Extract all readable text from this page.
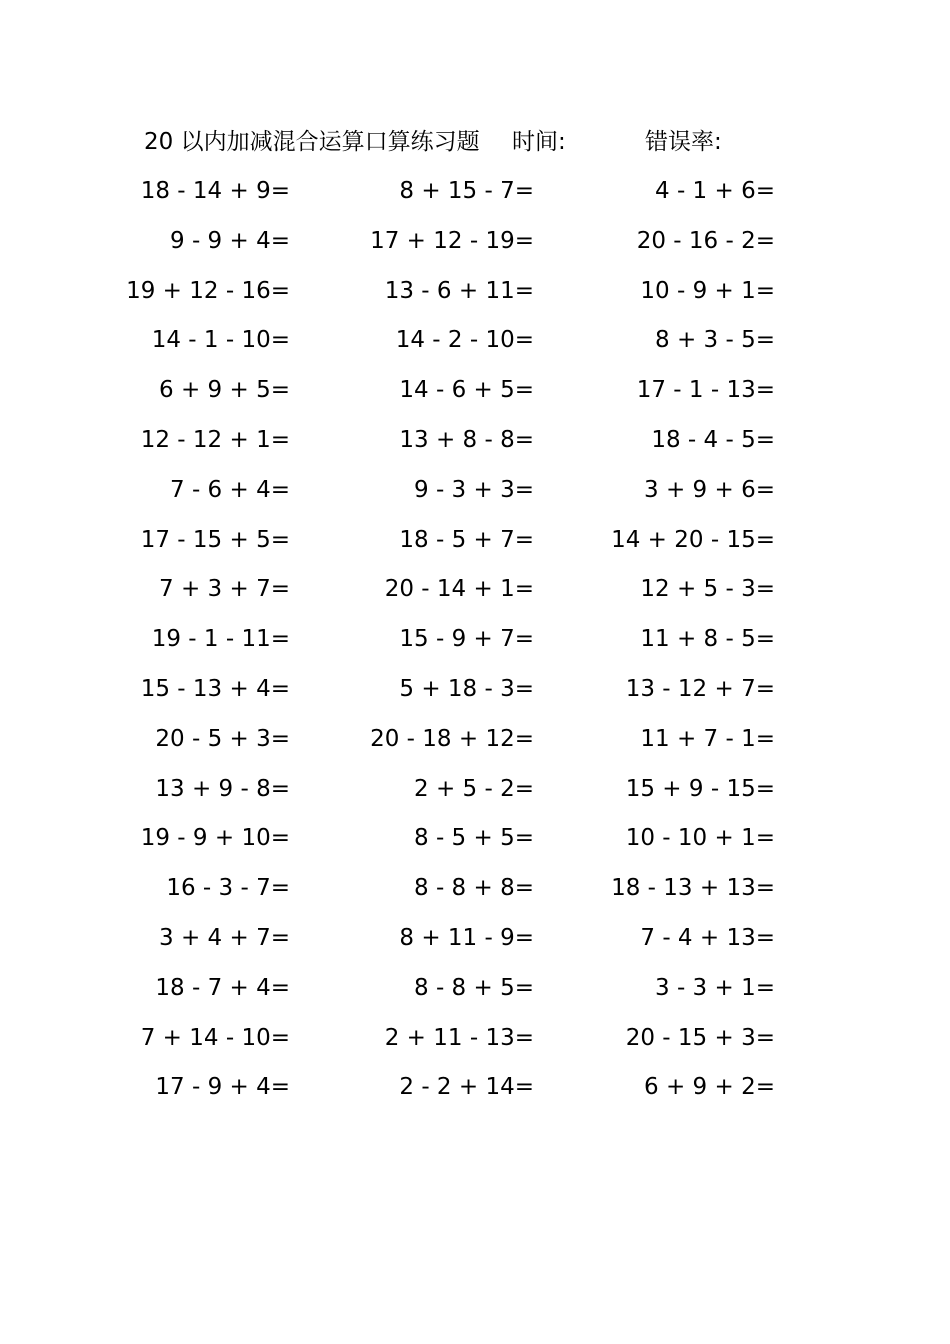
20 以内加减混合运算口算练习题 时间:	错误率:
18 - 14 + 9=	8 + 15 - 7=	4 - 1 + 6=
9 - 9 + 4=	17 + 12 - 19=	20 - 16 - 2=
19 + 12 - 16=	13 - 6 + 11=	10 - 9 + 1=
14 - 1 - 10=	14 - 2 - 10=	8 + 3 - 5=
6 + 9 + 5=	14 - 6 + 5=	17 - 1 - 13=
12 - 12 + 1=	13 + 8 - 8=	18 - 4 - 5=
7 - 6 + 4=	9 - 3 + 3=	3 + 9 + 6=
17 - 15 + 5=	18 - 5 + 7=	14 + 20 - 15=
7 + 3 + 7=	20 - 14 + 1=	12 + 5 - 3=
19 - 1 - 11=	15 - 9 + 7=	11 + 8 - 5=
15 - 13 + 4=	5 + 18 - 3=	13 - 12 + 7=
20 - 5 + 3=	20 - 18 + 12=	11 + 7 - 1=
13 + 9 - 8=	2 + 5 - 2=	15 + 9 - 15=
19 - 9 + 10=	8 - 5 + 5=	10 - 10 + 1=
16 - 3 - 7=	8 - 8 + 8=	18 - 13 + 13=
3 + 4 + 7=	8 + 11 - 9=	7 - 4 + 13=
18 - 7 + 4=	8 - 8 + 5=	3 - 3 + 1=
7 + 14 - 10=	2 + 11 - 13=	20 - 15 + 3=
17 - 9 + 4=	2 - 2 + 14=	6 + 9 + 2=
